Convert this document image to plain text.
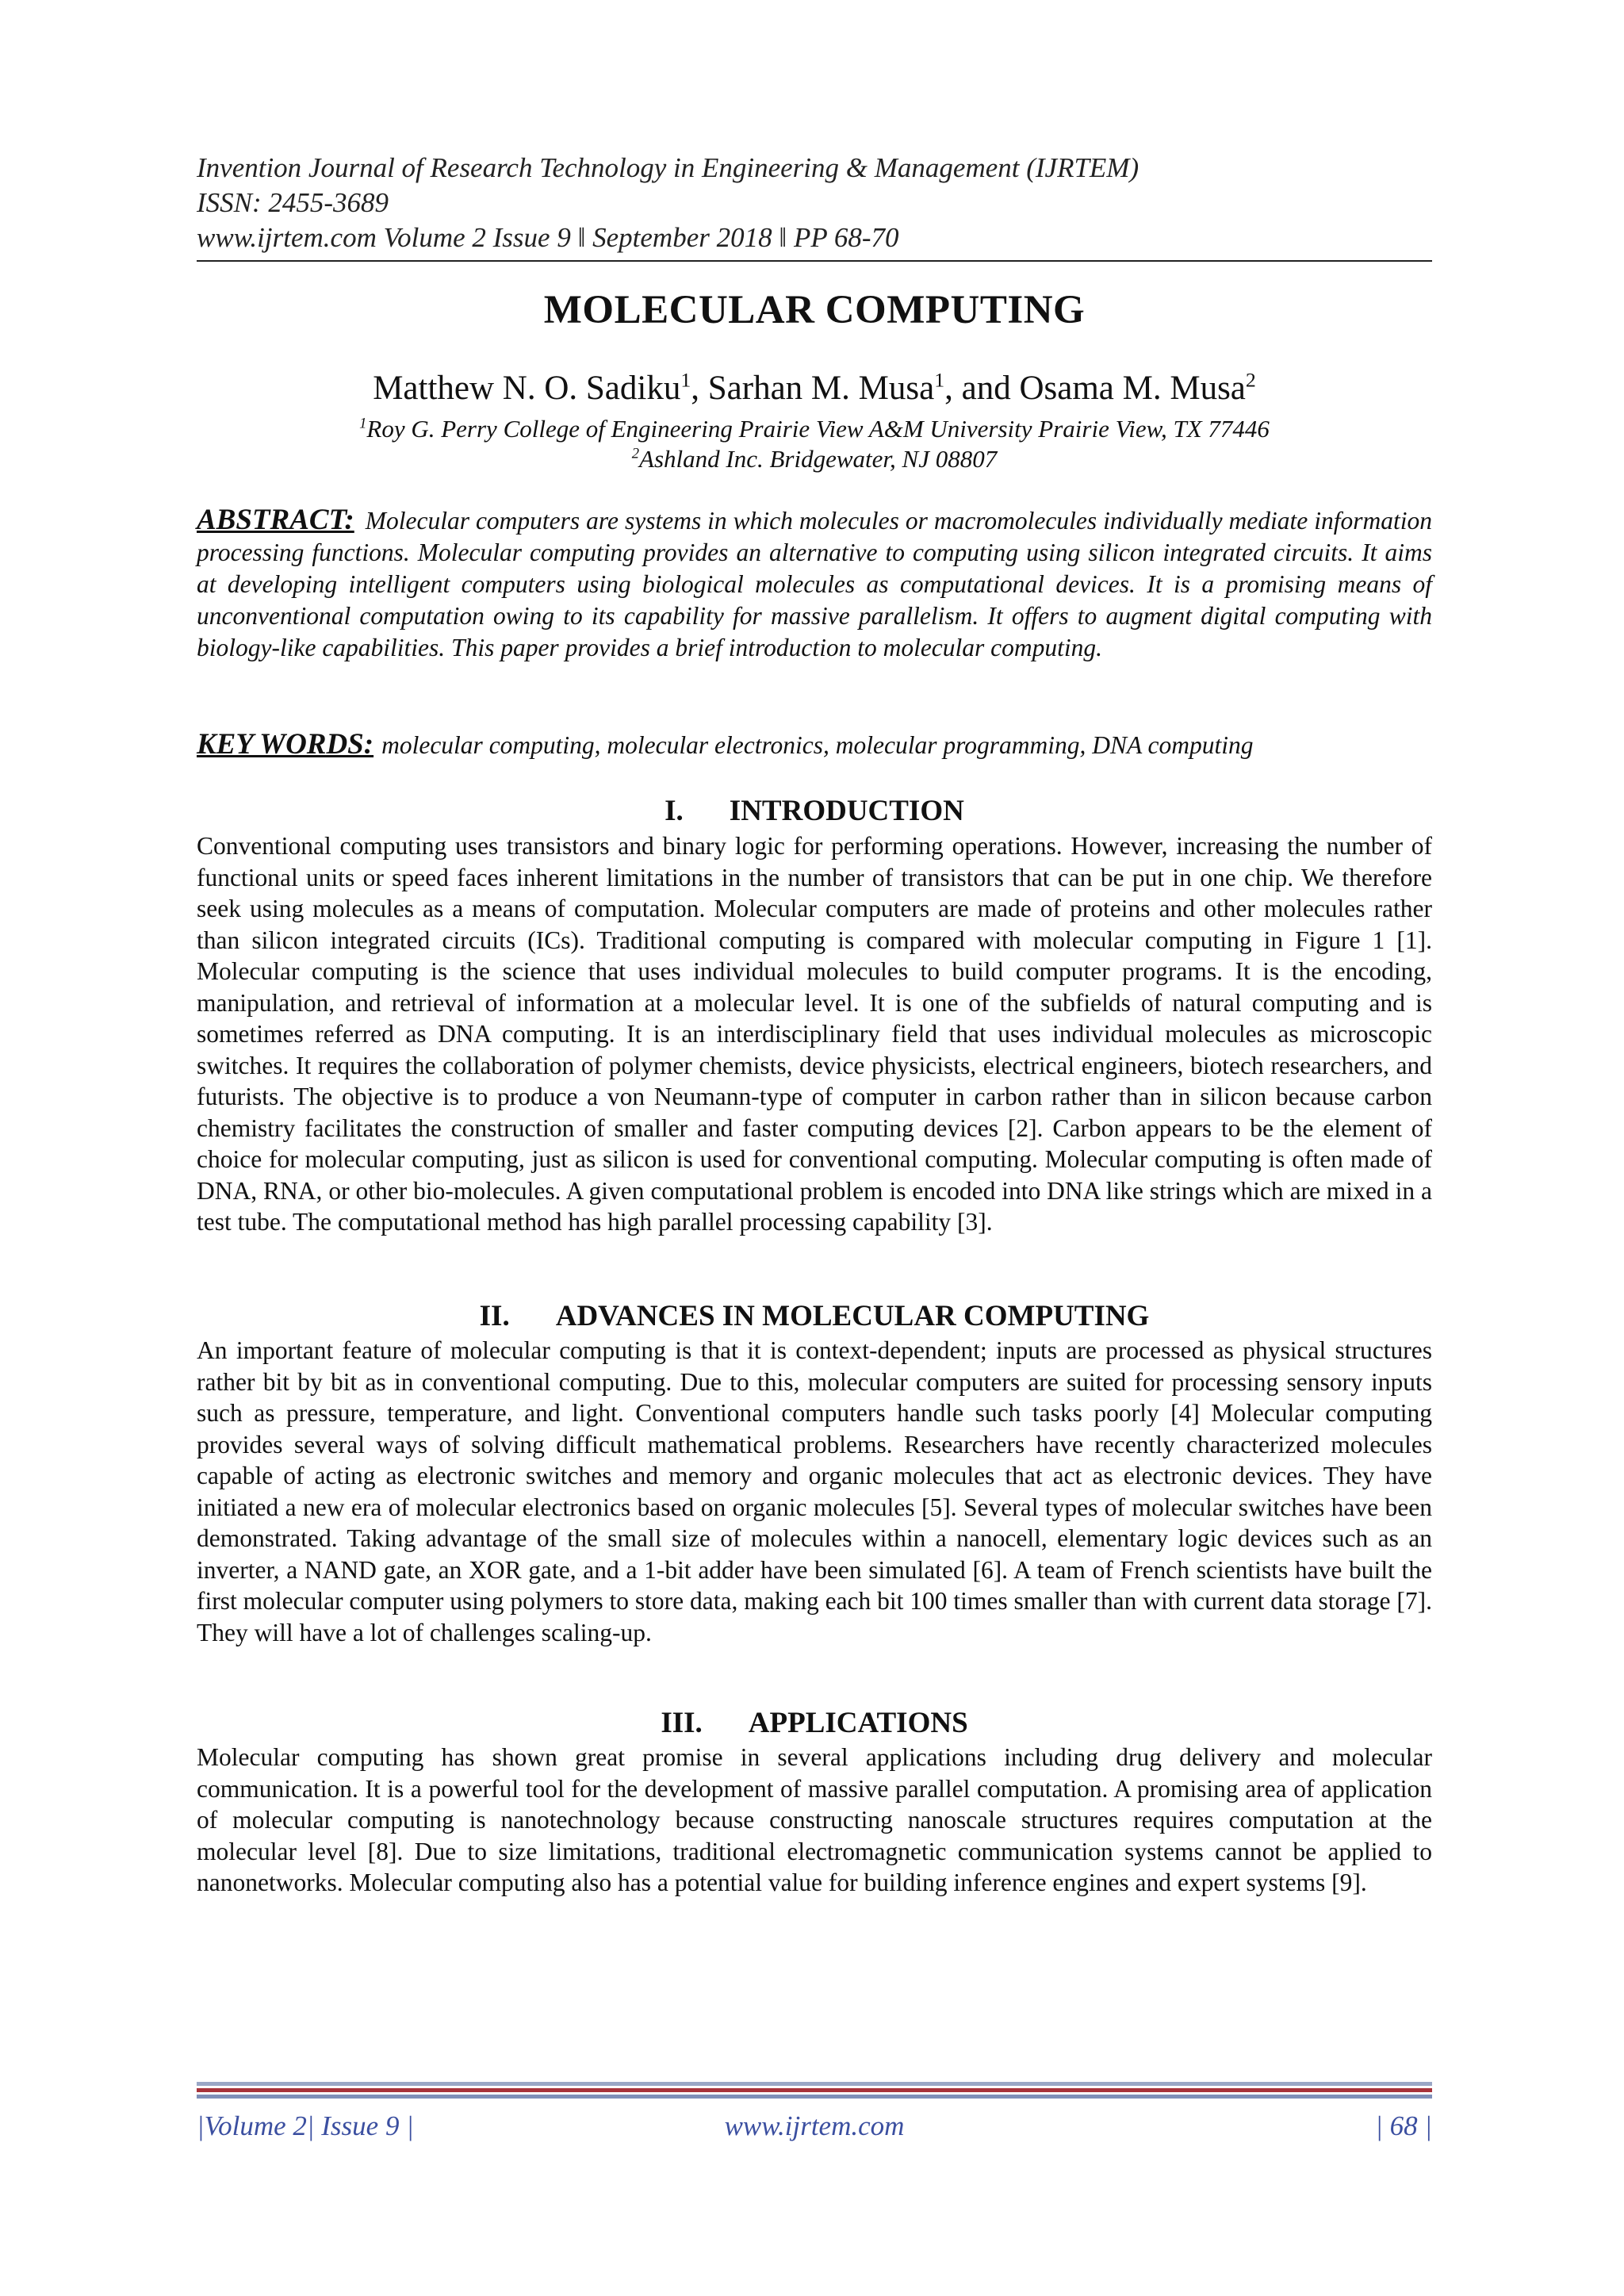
Invention Journal of Research Technology in Engineering & Management (IJRTEM)
ISSN: 2455-3689
www.ijrtem.com Volume 2 Issue 9 ǁ September 2018 ǁ PP 68-70
MOLECULAR COMPUTING
Matthew N. O. Sadiku$^1$, Sarhan M. Musa$^1$, and Osama M. Musa$^2$
$^1$Roy G. Perry College of Engineering Prairie View A&M University Prairie View, TX 77446
$^2$Ashland Inc. Bridgewater, NJ 08807
ABSTRACT: Molecular computers are systems in which molecules or macromolecules individually mediate information processing functions. Molecular computing provides an alternative to computing using silicon integrated circuits. It aims at developing intelligent computers using biological molecules as computational devices. It is a promising means of unconventional computation owing to its capability for massive parallelism. It offers to augment digital computing with biology-like capabilities. This paper provides a brief introduction to molecular computing.
KEY WORDS: molecular computing, molecular electronics, molecular programming, DNA computing
I. INTRODUCTION
Conventional computing uses transistors and binary logic for performing operations. However, increasing the number of functional units or speed faces inherent limitations in the number of transistors that can be put in one chip. We therefore seek using molecules as a means of computation. Molecular computers are made of proteins and other molecules rather than silicon integrated circuits (ICs). Traditional computing is compared with molecular computing in Figure 1 [1]. Molecular computing is the science that uses individual molecules to build computer programs. It is the encoding, manipulation, and retrieval of information at a molecular level. It is one of the subfields of natural computing and is sometimes referred as DNA computing. It is an interdisciplinary field that uses individual molecules as microscopic switches. It requires the collaboration of polymer chemists, device physicists, electrical engineers, biotech researchers, and futurists. The objective is to produce a von Neumann-type of computer in carbon rather than in silicon because carbon chemistry facilitates the construction of smaller and faster computing devices [2]. Carbon appears to be the element of choice for molecular computing, just as silicon is used for conventional computing. Molecular computing is often made of DNA, RNA, or other bio-molecules. A given computational problem is encoded into DNA like strings which are mixed in a test tube. The computational method has high parallel processing capability [3].
II. ADVANCES IN MOLECULAR COMPUTING
An important feature of molecular computing is that it is context-dependent; inputs are processed as physical structures rather bit by bit as in conventional computing. Due to this, molecular computers are suited for processing sensory inputs such as pressure, temperature, and light. Conventional computers handle such tasks poorly [4] Molecular computing provides several ways of solving difficult mathematical problems. Researchers have recently characterized molecules capable of acting as electronic switches and memory and organic molecules that act as electronic devices. They have initiated a new era of molecular electronics based on organic molecules [5]. Several types of molecular switches have been demonstrated. Taking advantage of the small size of molecules within a nanocell, elementary logic devices such as an inverter, a NAND gate, an XOR gate, and a 1-bit adder have been simulated [6]. A team of French scientists have built the first molecular computer using polymers to store data, making each bit 100 times smaller than with current data storage [7]. They will have a lot of challenges scaling-up.
III. APPLICATIONS
Molecular computing has shown great promise in several applications including drug delivery and molecular communication. It is a powerful tool for the development of massive parallel computation. A promising area of application of molecular computing is nanotechnology because constructing nanoscale structures requires computation at the molecular level [8]. Due to size limitations, traditional electromagnetic communication systems cannot be applied to nanonetworks. Molecular computing also has a potential value for building inference engines and expert systems [9].
|Volume 2| Issue 9 |	www.ijrtem.com	| 68 |
